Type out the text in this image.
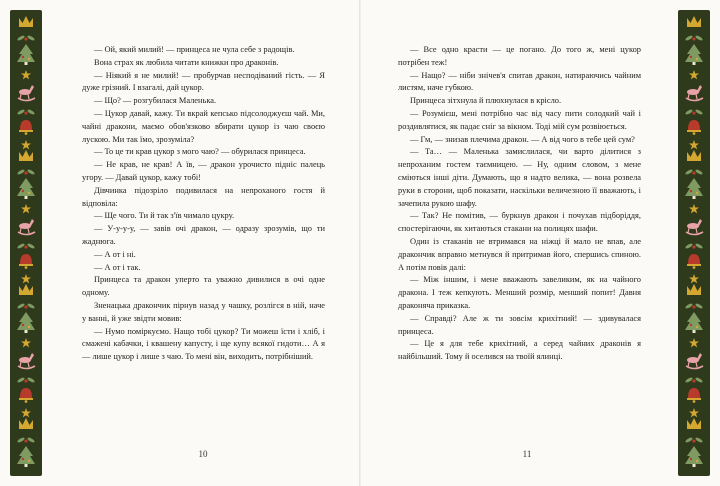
— Ой, який милий! — принцеса не чула себе з радощів.

Вона страх як любила читати книжки про драконів.

— Ніякий я не милий! — пробурчав несподіваний гість. — Я дуже грізний. І взагалі, дай цукор.

— Що? — розгубилася Маленька.

— Цукор давай, кажу. Ти вкрай кепсько підсолоджуєш чай. Ми, чайні дракони, маємо обов'язково вбирати цукор із чаю своєю лускою. Ми так їмо, зрозуміла?

— То це ти крав цукор з мого чаю? — обурилася принцеса.

— Не крав, не крав! А їв, — дракон урочисто підніс палець угору. — Давай цукор, кажу тобі!

Дівчинка підозріло подивилася на непроханого гостя й відповіла:

— Ще чого. Ти й так з'їв чимало цукру.

— У-у-у-у, — завів очі дракон, — одразу зрозумів, що ти жаднюга.

— А от і ні.

— А от і так.

Принцеса та дракон уперто та уважно дивилися в очі одне одному.

Зненацька дракончик пірнув назад у чашку, розлігся в ній, наче у ванні, й уже звідти мовив:

— Нумо поміркуємо. Нащо тобі цукор? Ти можеш їсти і хліб, і смажені кабачки, і квашену капусту, і ще купу всякої гидоти… А я — лише цукор і лише з чаю. То мені він, виходить, потрібніший.

10

— Все одно красти — це погано. До того ж, мені цукор потрібен теж!

— Нащо? — ніби знічев'я спитав дракон, натираючись чайним листям, наче губкою.

Принцеса зітхнула й плюхнулася в крісло.

— Розумієш, мені потрібно час від часу пити солодкий чай і роздивлятися, як падає сніг за вікном. Тоді мій сум розвіюється.

— Гм, — знизав плечима дракон. — А від чого в тебе цей сум?

— Та… — Маленька замислилася, чи варто ділитися з непроханим гостем таємницею. — Ну, одним словом, з мене сміються інші діти. Думають, що я надто велика, — вона розвела руки в сторони, щоб показати, наскільки величезною її вважають, і зачепила рукою шафу.

— Так? Не помітив, — буркнув дракон і почухав підборіддя, спостерігаючи, як хитаються стакани на полицях шафи.

Один із стаканів не втримався на ніжці й мало не впав, але дракончик вправно метнувся й притримав його, спершись спиною. А потім повів далі:

— Між іншим, і мене вважають завеликим, як на чайного дракона. І теж кепкують. Менший розмір, менший попит! Давня драконяча приказка.

— Справді? Але ж ти зовсім крихітний! — здивувалася принцеса.

— Це я для тебе крихітний, а серед чайних драконів я найбільший. Тому й оселився на твоїй ялинці.

11
